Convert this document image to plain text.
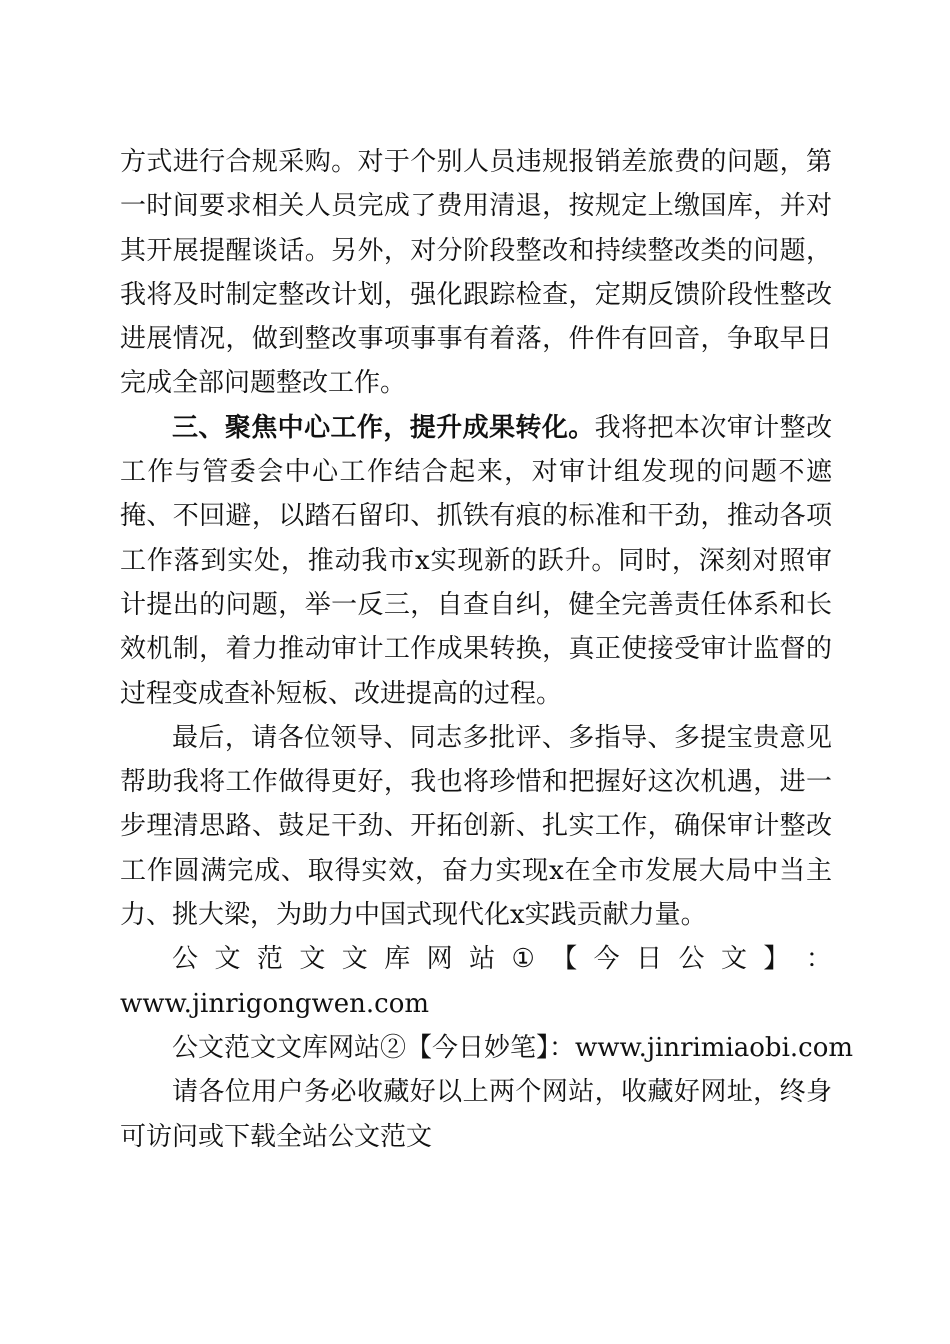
方式进行合规采购。对于个别人员违规报销差旅费的问题，第一时间要求相关人员完成了费用清退，按规定上缴国库，并对其开展提醒谈话。另外，对分阶段整改和持续整改类的问题，我将及时制定整改计划，强化跟踪检查，定期反馈阶段性整改进展情况，做到整改事项事事有着落，件件有回音，争取早日完成全部问题整改工作。

三、聚焦中心工作，提升成果转化。我将把本次审计整改工作与管委会中心工作结合起来，对审计组发现的问题不遮掩、不回避，以踏石留印、抓铁有痕的标准和干劲，推动各项工作落到实处，推动我市x实现新的跃升。同时，深刻对照审计提出的问题，举一反三，自查自纠，健全完善责任体系和长效机制，着力推动审计工作成果转换，真正使接受审计监督的过程变成查补短板、改进提高的过程。

最后，请各位领导、同志多批评、多指导、多提宝贵意见帮助我将工作做得更好，我也将珍惜和把握好这次机遇，进一步理清思路、鼓足干劲、开拓创新、扎实工作，确保审计整改工作圆满完成、取得实效，奋力实现x在全市发展大局中当主力、挑大梁，为助力中国式现代化x实践贡献力量。

公 文 范 文 文 库 网 站 ① 【 今 日 公 文 】 ：
www.jinrigongwen.com
公文范文文库网站②【今日妙笔】：www.jinrimiaobi.com

请各位用户务必收藏好以上两个网站，收藏好网址，终身可访问或下载全站公文范文
